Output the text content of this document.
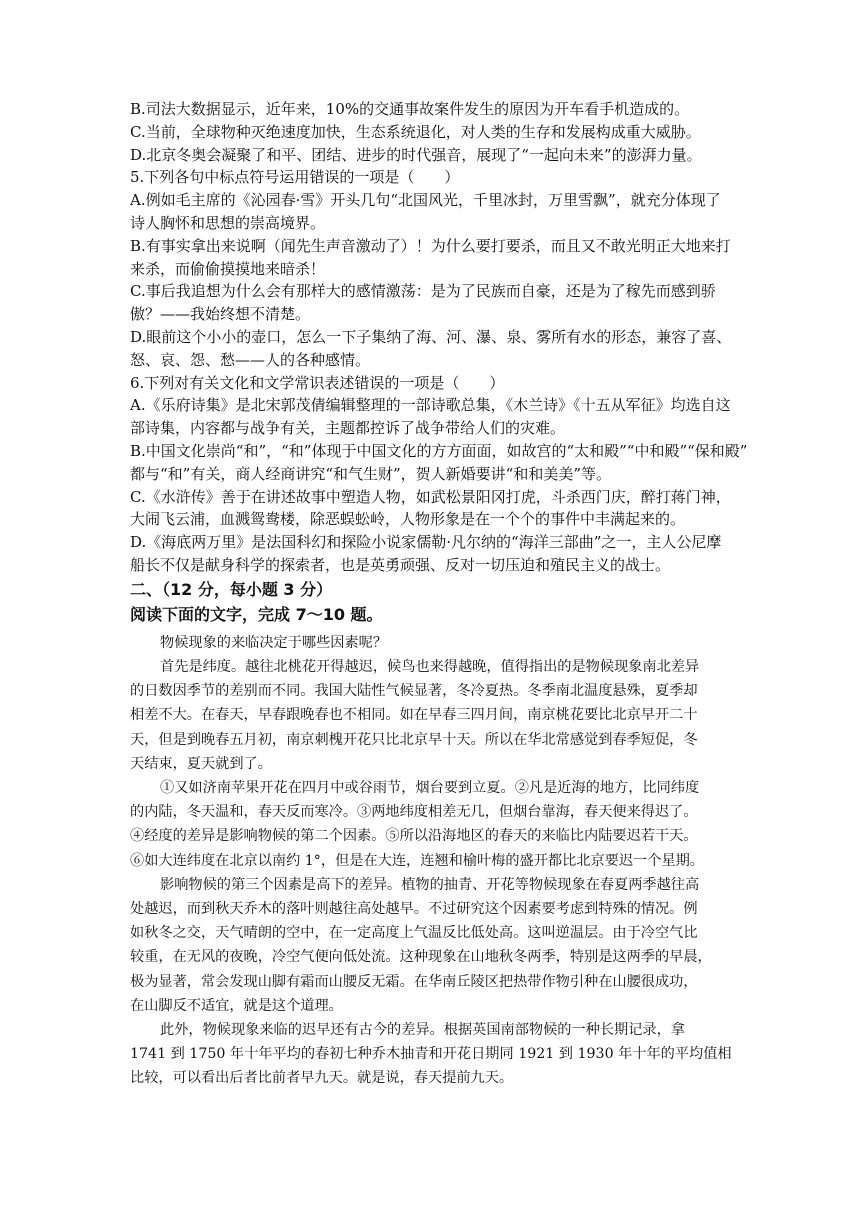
B.司法大数据显示，近年来，10%的交通事故案件发生的原因为开车看手机造成的。
C.当前，全球物种灭绝速度加快，生态系统退化，对人类的生存和发展构成重大威胁。
D.北京冬奥会凝聚了和平、团结、进步的时代强音，展现了“一起向未来”的澎湃力量。
5.下列各句中标点符号运用错误的一项是（　　）
A.例如毛主席的《沁园春·雪》开头几句“北国风光，千里冰封，万里雪飘”，就充分体现了
诗人胸怀和思想的崇高境界。
B.有事实拿出来说啊（闻先生声音激动了）！为什么要打要杀，而且又不敢光明正大地来打
来杀，而偷偷摸摸地来暗杀！
C.事后我追想为什么会有那样大的感情激荡：是为了民族而自豪，还是为了稼先而感到骄
傲？——我始终想不清楚。
D.眼前这个小小的壶口，怎么一下子集纳了海、河、瀑、泉、雾所有水的形态，兼容了喜、
怒、哀、怨、愁——人的各种感情。
6.下列对有关文化和文学常识表述错误的一项是（　　）
A.《乐府诗集》是北宋郭茂倩编辑整理的一部诗歌总集，《木兰诗》《十五从军征》均选自这
部诗集，内容都与战争有关，主题都控诉了战争带给人们的灾难。
B.中国文化崇尚“和”，“和”体现于中国文化的方方面面，如故宫的“太和殿”“中和殿”“保和殿”
都与“和”有关，商人经商讲究“和气生财”，贺人新婚要讲“和和美美”等。
C.《水浒传》善于在讲述故事中塑造人物，如武松景阳冈打虎，斗杀西门庆，醉打蒋门神，
大闹飞云浦，血溅鸳鸯楼，除恶蜈蚣岭，人物形象是在一个个的事件中丰满起来的。
D.《海底两万里》是法国科幻和探险小说家儒勒·凡尔纳的“海洋三部曲”之一，主人公尼摩
船长不仅是献身科学的探索者，也是英勇顽强、反对一切压迫和殖民主义的战士。
二、（12 分，每小题 3 分）
阅读下面的文字，完成 7～10 题。
物候现象的来临决定于哪些因素呢？
首先是纬度。越往北桃花开得越迟，候鸟也来得越晚，值得指出的是物候现象南北差异
的日数因季节的差别而不同。我国大陆性气候显著，冬冷夏热。冬季南北温度悬殊，夏季却
相差不大。在春天，早春跟晚春也不相同。如在早春三四月间，南京桃花要比北京早开二十
天，但是到晚春五月初，南京刺槐开花只比北京早十天。所以在华北常感觉到春季短促，冬
天结束，夏天就到了。
①又如济南苹果开花在四月中或谷雨节，烟台要到立夏。②凡是近海的地方，比同纬度
的内陆，冬天温和，春天反而寒冷。③两地纬度相差无几，但烟台靠海，春天便来得迟了。
④经度的差异是影响物候的第二个因素。⑤所以沿海地区的春天的来临比内陆要迟若干天。
⑥如大连纬度在北京以南约 1°，但是在大连，连翘和榆叶梅的盛开都比北京要迟一个星期。
影响物候的第三个因素是高下的差异。植物的抽青、开花等物候现象在春夏两季越往高
处越迟，而到秋天乔木的落叶则越往高处越早。不过研究这个因素要考虑到特殊的情况。例
如秋冬之交，天气晴朗的空中，在一定高度上气温反比低处高。这叫逆温层。由于冷空气比
较重，在无风的夜晚，冷空气便向低处流。这种现象在山地秋冬两季，特别是这两季的早晨，
极为显著，常会发现山脚有霜而山腰反无霜。在华南丘陵区把热带作物引种在山腰很成功，
在山脚反不适宜，就是这个道理。
此外，物候现象来临的迟早还有古今的差异。根据英国南部物候的一种长期记录，拿
1741 到 1750 年十年平均的春初七种乔木抽青和开花日期同 1921 到 1930 年十年的平均值相
比较，可以看出后者比前者早九天。就是说，春天提前九天。
